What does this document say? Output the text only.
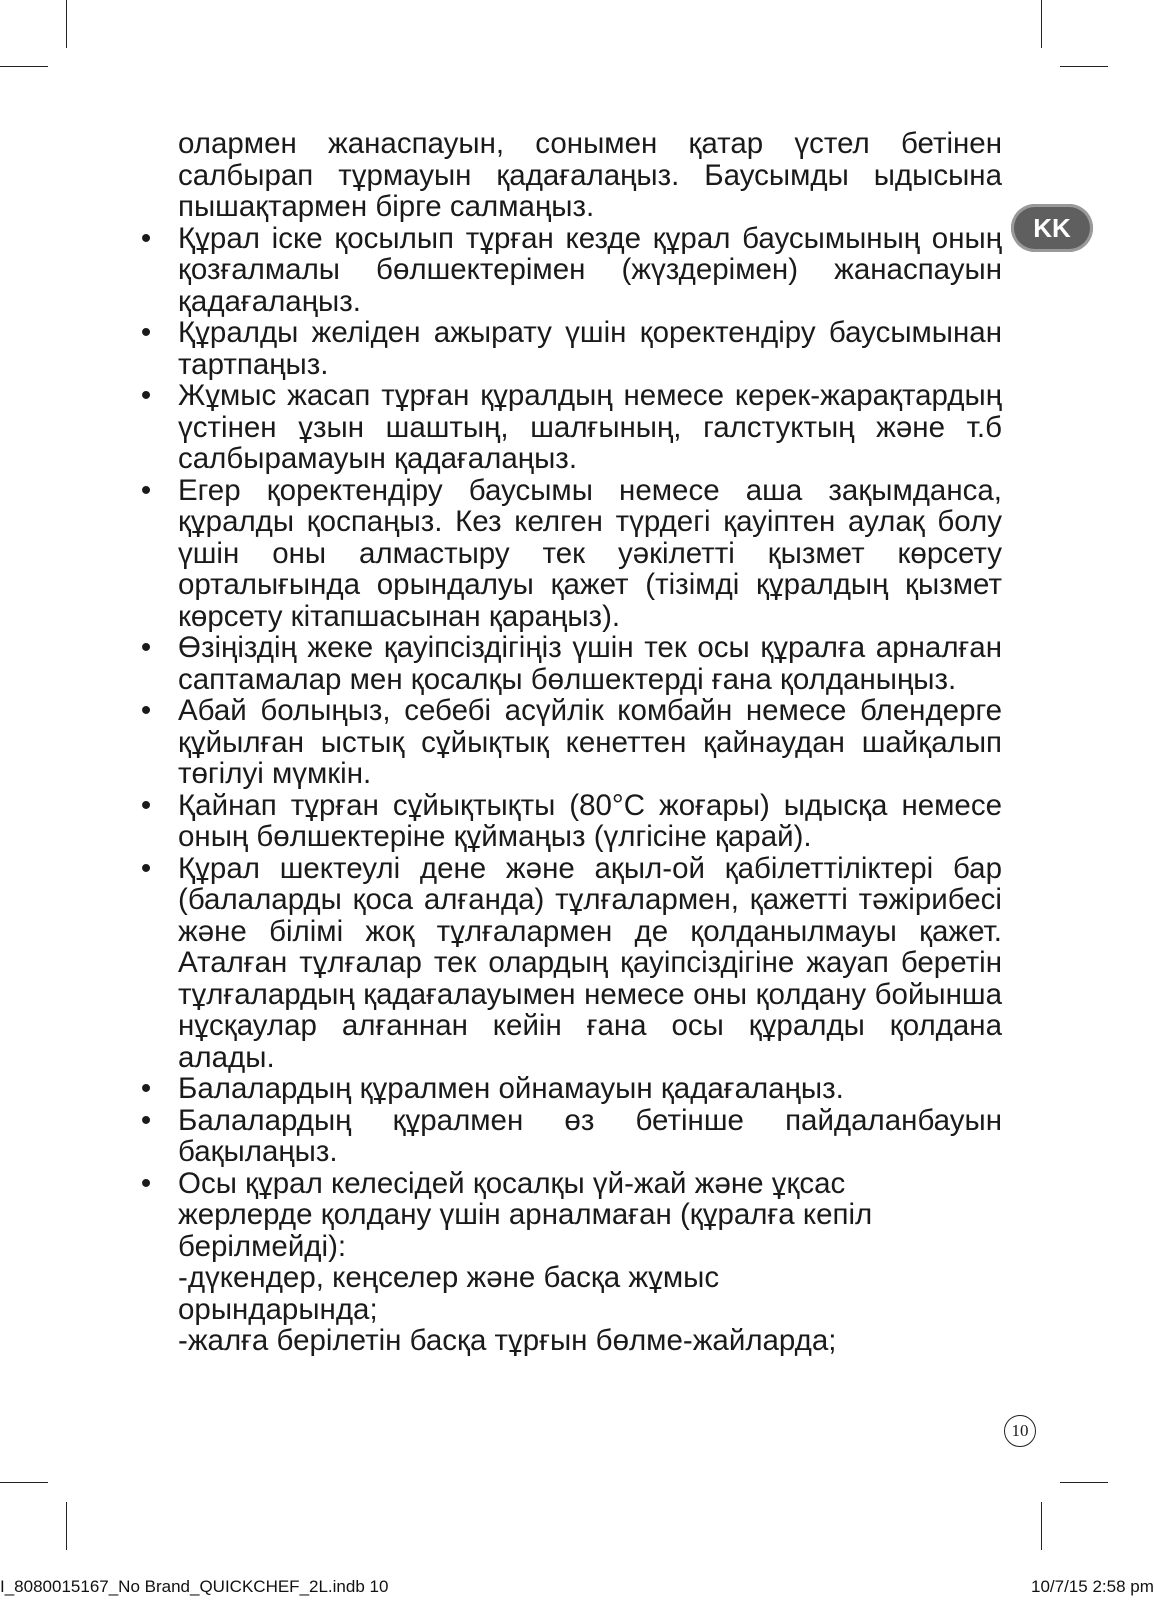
KK
олармен жанаспауын, сонымен қатар үстел бетінен салбырап тұрмауын қадағалаңыз. Баусымды ыдысына пышақтармен бірге салмаңыз.
• Құрал іске қосылып тұрған кезде құрал баусымының оның қозғалмалы бөлшектерімен (жүздерімен) жанаспауын қадағалаңыз.
• Құралды желіден ажырату үшін қоректендіру баусымынан тартпаңыз.
• Жұмыс жасап тұрған құралдың немесе керек-жарақтардың үстінен ұзын шаштың, шалғының, галстуктың және т.б салбырамауын қадағалаңыз.
• Егер қоректендіру баусымы немесе аша зақымданса, құралды қоспаңыз. Кез келген түрдегі қауіптен аулақ болу үшін оны алмастыру тек уәкілетті қызмет көрсету орталығында орындалуы қажет (тізімді құралдың қызмет көрсету кітапшасынан қараңыз).
• Өзіңіздің жеке қауіпсіздігіңіз үшін тек осы құралға арналған саптамалар мен қосалқы бөлшектерді ғана қолданыңыз.
• Абай болыңыз, себебі асүйлік комбайн немесе блендерге құйылған ыстық сұйықтық кенеттен қайнаудан шайқалып төгілуі мүмкін.
• Қайнап тұрған сұйықтықты (80°C жоғары) ыдысқа немесе оның бөлшектеріне құймаңыз (үлгісіне қарай).
• Құрал шектеулі дене және ақыл-ой қабілеттіліктері бар (балаларды қоса алғанда) тұлғалармен, қажетті тәжірибесі және білімі жоқ тұлғалармен де қолданылмауы қажет. Аталған тұлғалар тек олардың қауіпсіздігіне жауап беретін тұлғалардың қадағалауымен немесе оны қолдану бойынша нұсқаулар алғаннан кейін ғана осы құралды қолдана алады.
• Балалардың құралмен ойнамауын қадағалаңыз.
• Балалардың құралмен өз бетінше пайдаланбауын бақылаңыз.
• Осы құрал келесідей қосалқы үй-жай және ұқсас жерлерде қолдану үшін арналмаған (құралға кепіл берілмейді):
-дүкендер, кеңселер және басқа жұмыс орындарында;
-жалға берілетін басқа тұрғын бөлме-жайларда;
10
I_8080015167_No Brand_QUICKCHEF_2L.indb 10	10/7/15 2:58 pm
